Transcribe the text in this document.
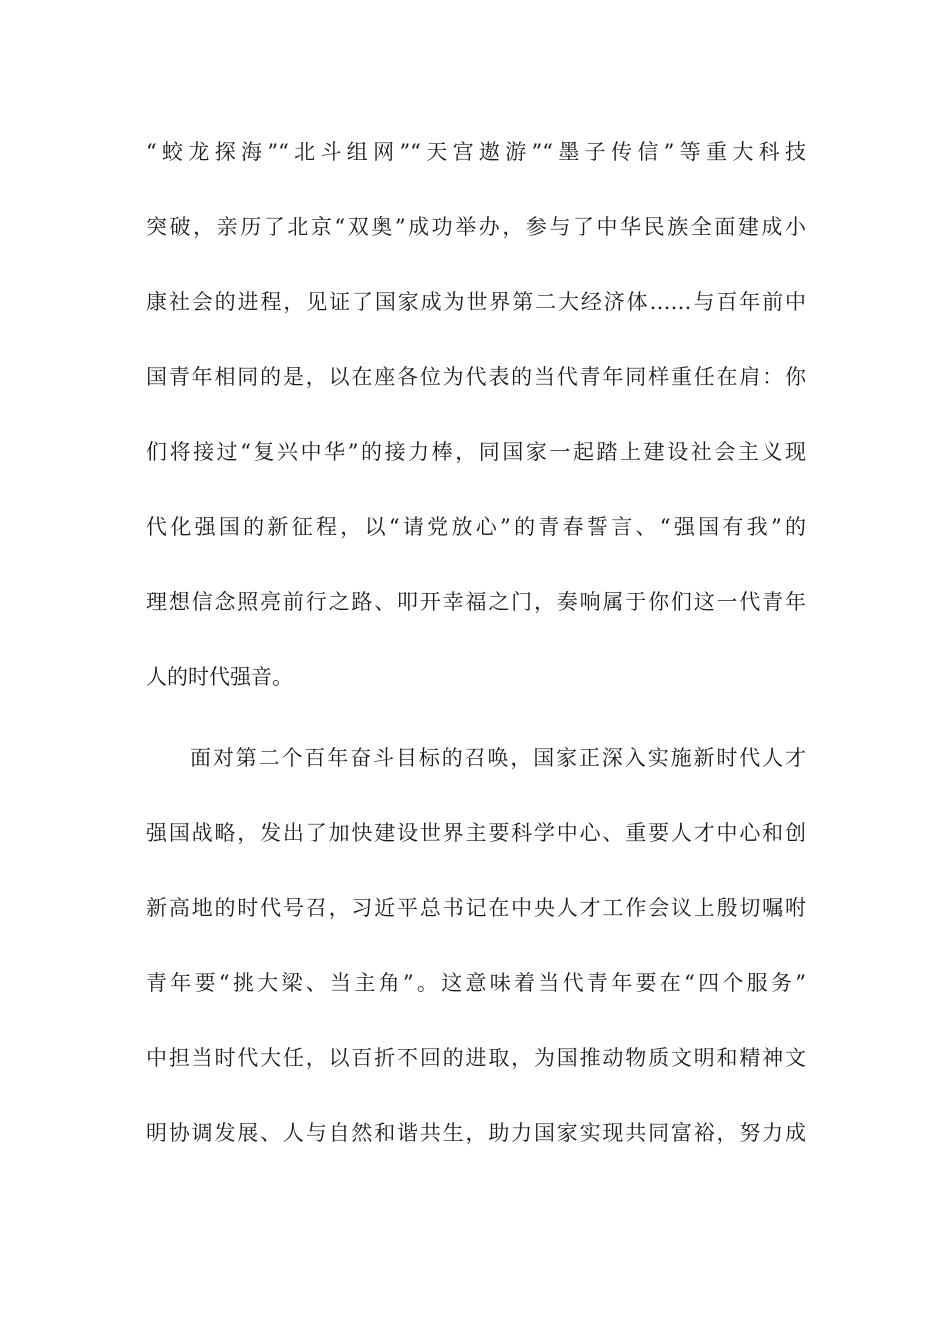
“蛟龙探海”“北斗组网”“天宫遨游”“墨子传信”等重大科技
突破，亲历了北京“双奥”成功举办，参与了中华民族全面建成小
康社会的进程，见证了国家成为世界第二大经济体……与百年前中
国青年相同的是，以在座各位为代表的当代青年同样重任在肩：你
们将接过“复兴中华”的接力棒，同国家一起踏上建设社会主义现
代化强国的新征程，以“请党放心”的青春誓言、“强国有我”的
理想信念照亮前行之路、叩开幸福之门，奏响属于你们这一代青年
人的时代强音。
面对第二个百年奋斗目标的召唤，国家正深入实施新时代人才
强国战略，发出了加快建设世界主要科学中心、重要人才中心和创
新高地的时代号召，习近平总书记在中央人才工作会议上殷切嘱咐
青年要“挑大梁、当主角”。这意味着当代青年要在“四个服务”
中担当时代大任，以百折不回的进取，为国推动物质文明和精神文
明协调发展、人与自然和谐共生，助力国家实现共同富裕，努力成
